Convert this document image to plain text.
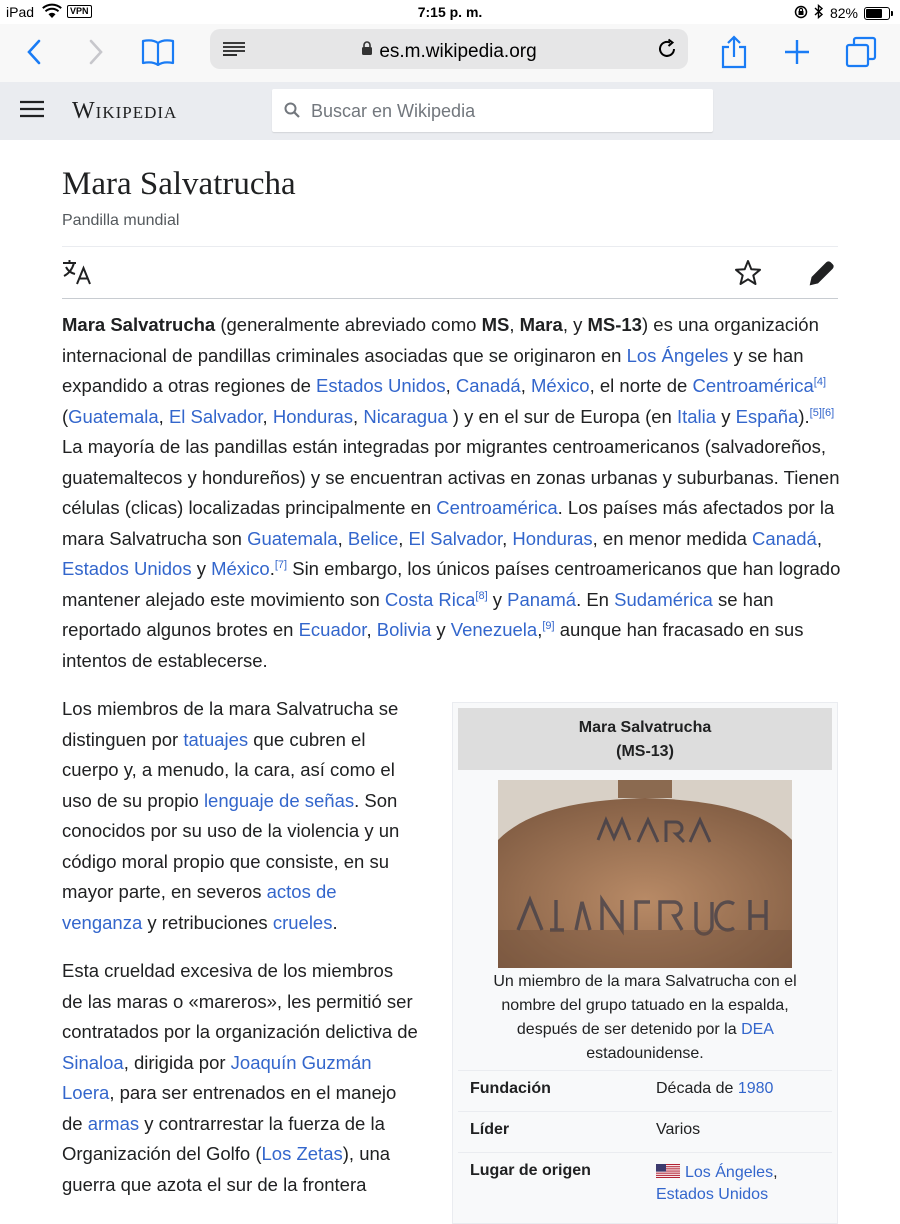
iPad	VPN	7:15 p. m.	82%
es.m.wikipedia.org
Wikipedia	Buscar en Wikipedia
Mara Salvatrucha
Pandilla mundial
Mara Salvatrucha (generalmente abreviado como MS, Mara, y MS-13) es una organización internacional de pandillas criminales asociadas que se originaron en Los Ángeles y se han expandido a otras regiones de Estados Unidos, Canadá, México, el norte de Centroamérica[4] (Guatemala, El Salvador, Honduras, Nicaragua ) y en el sur de Europa (en Italia y España).[5][6] La mayoría de las pandillas están integradas por migrantes centroamericanos (salvadoreños, guatemaltecos y hondureños) y se encuentran activas en zonas urbanas y suburbanas. Tienen células (clicas) localizadas principalmente en Centroamérica. Los países más afectados por la mara Salvatrucha son Guatemala, Belice, El Salvador, Honduras, en menor medida Canadá, Estados Unidos y México.[7] Sin embargo, los únicos países centroamericanos que han logrado mantener alejado este movimiento son Costa Rica[8] y Panamá. En Sudamérica se han reportado algunos brotes en Ecuador, Bolivia y Venezuela,[9] aunque han fracasado en sus intentos de establecerse.
Los miembros de la mara Salvatrucha se distinguen por tatuajes que cubren el cuerpo y, a menudo, la cara, así como el uso de su propio lenguaje de señas. Son conocidos por su uso de la violencia y un código moral propio que consiste, en su mayor parte, en severos actos de venganza y retribuciones crueles.
Esta crueldad excesiva de los miembros de las maras o «mareros», les permitió ser contratados por la organización delictiva de Sinaloa, dirigida por Joaquín Guzmán Loera, para ser entrenados en el manejo de armas y contrarrestar la fuerza de la Organización del Golfo (Los Zetas), una guerra que azota el sur de la frontera
Mara Salvatrucha
(MS-13)
Un miembro de la mara Salvatrucha con el nombre del grupo tatuado en la espalda, después de ser detenido por la DEA estadounidense.
Fundación	Década de 1980
Líder	Varios
Lugar de origen	Los Ángeles,
Estados Unidos
